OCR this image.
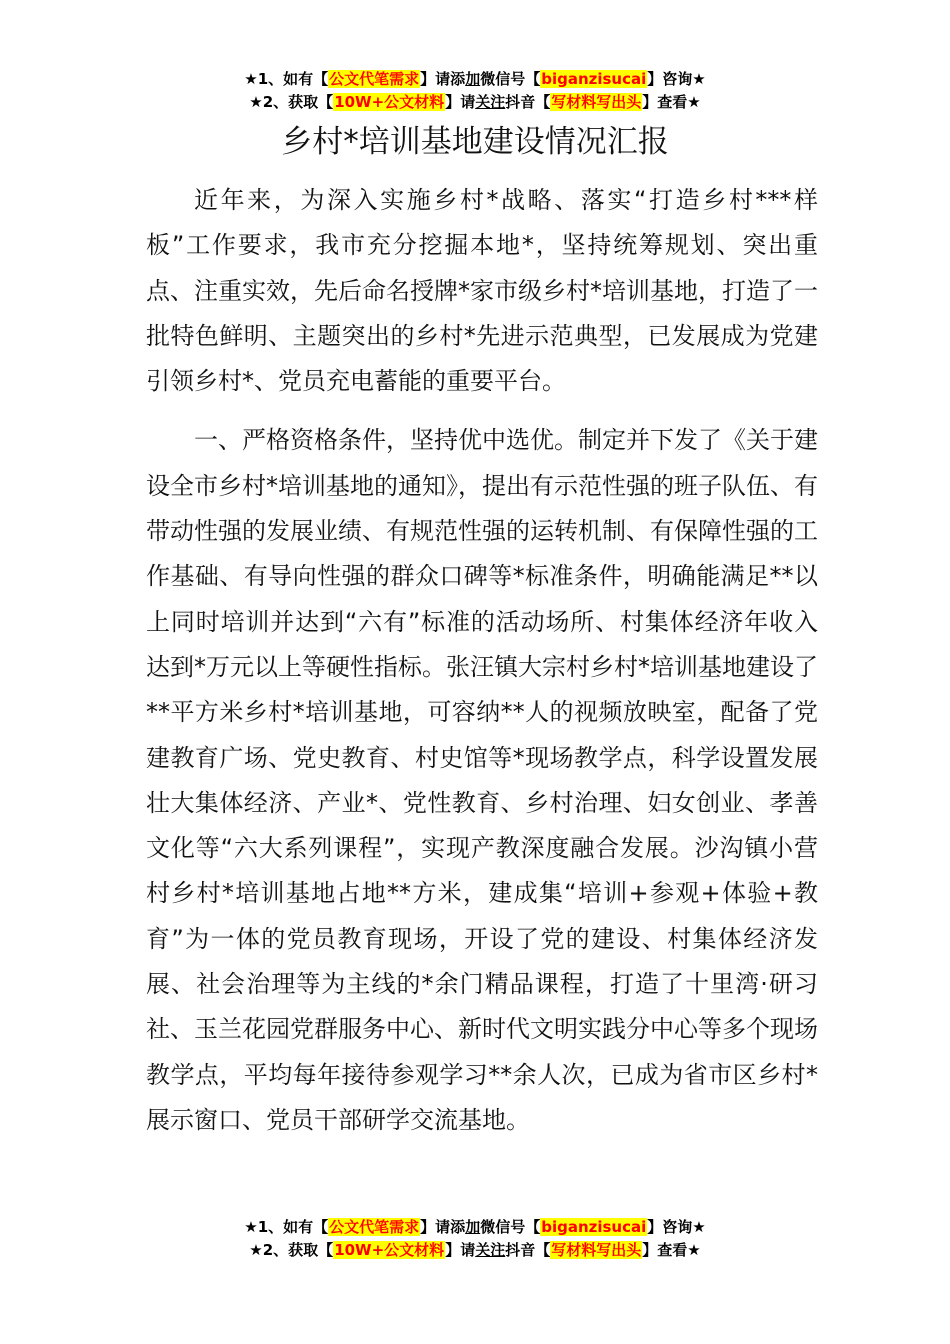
★1、如有【公文代笔需求】请添加微信号【biganzisucai】咨询★
★2、获取【10W+公文材料】请关注抖音【写材料写出头】查看★
乡村*培训基地建设情况汇报

近年来，为深入实施乡村*战略、落实“打造乡村***样板”工作要求，我市充分挖掘本地*，坚持统筹规划、突出重点、注重实效，先后命名授牌*家市级乡村*培训基地，打造了一批特色鲜明、主题突出的乡村*先进示范典型，已发展成为党建引领乡村*、党员充电蓄能的重要平台。

一、严格资格条件，坚持优中选优。制定并下发了《关于建设全市乡村*培训基地的通知》，提出有示范性强的班子队伍、有带动性强的发展业绩、有规范性强的运转机制、有保障性强的工作基础、有导向性强的群众口碑等*标准条件，明确能满足**以上同时培训并达到“六有”标准的活动场所、村集体经济年收入达到*万元以上等硬性指标。张汪镇大宗村乡村*培训基地建设了**平方米乡村*培训基地，可容纳**人的视频放映室，配备了党建教育广场、党史教育、村史馆等*现场教学点，科学设置发展壮大集体经济、产业*、党性教育、乡村治理、妇女创业、孝善文化等“六大系列课程”，实现产教深度融合发展。沙沟镇小营村乡村*培训基地占地**方米，建成集“培训+参观+体验+教育”为一体的党员教育现场，开设了党的建设、村集体经济发展、社会治理等为主线的*余门精品课程，打造了十里湾·研习社、玉兰花园党群服务中心、新时代文明实践分中心等多个现场教学点，平均每年接待参观学习**余人次，已成为省市区乡村*展示窗口、党员干部研学交流基地。

★1、如有【公文代笔需求】请添加微信号【biganzisucai】咨询★
★2、获取【10W+公文材料】请关注抖音【写材料写出头】查看★
